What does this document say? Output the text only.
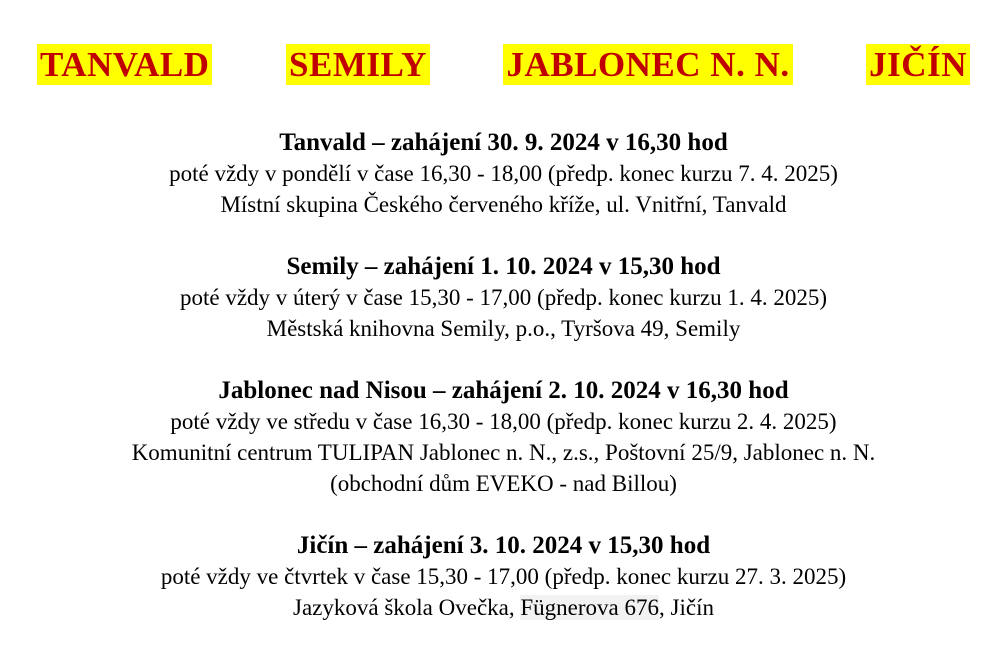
TANVALD SEMILY JABLONEC N. N. JIČÍN
Tanvald – zahájení 30. 9. 2024 v 16,30 hod
poté vždy v pondělí v čase 16,30 - 18,00 (předp. konec kurzu 7. 4. 2025)
Místní skupina Českého červeného kříže, ul. Vnitřní, Tanvald
Semily – zahájení 1. 10. 2024 v 15,30 hod
poté vždy v úterý v čase 15,30 - 17,00 (předp. konec kurzu 1. 4. 2025)
Městská knihovna Semily, p.o., Tyršova 49, Semily
Jablonec nad Nisou – zahájení 2. 10. 2024 v 16,30 hod
poté vždy ve středu v čase 16,30 - 18,00 (předp. konec kurzu 2. 4. 2025)
Komunitní centrum TULIPAN Jablonec n. N., z.s., Poštovní 25/9, Jablonec n. N.
(obchodní dům EVEKO - nad Billou)
Jičín – zahájení 3. 10. 2024 v 15,30 hod
poté vždy ve čtvrtek v čase 15,30 - 17,00 (předp. konec kurzu 27. 3. 2025)
Jazyková škola Ovečka, Fügnerova 676, Jičín
